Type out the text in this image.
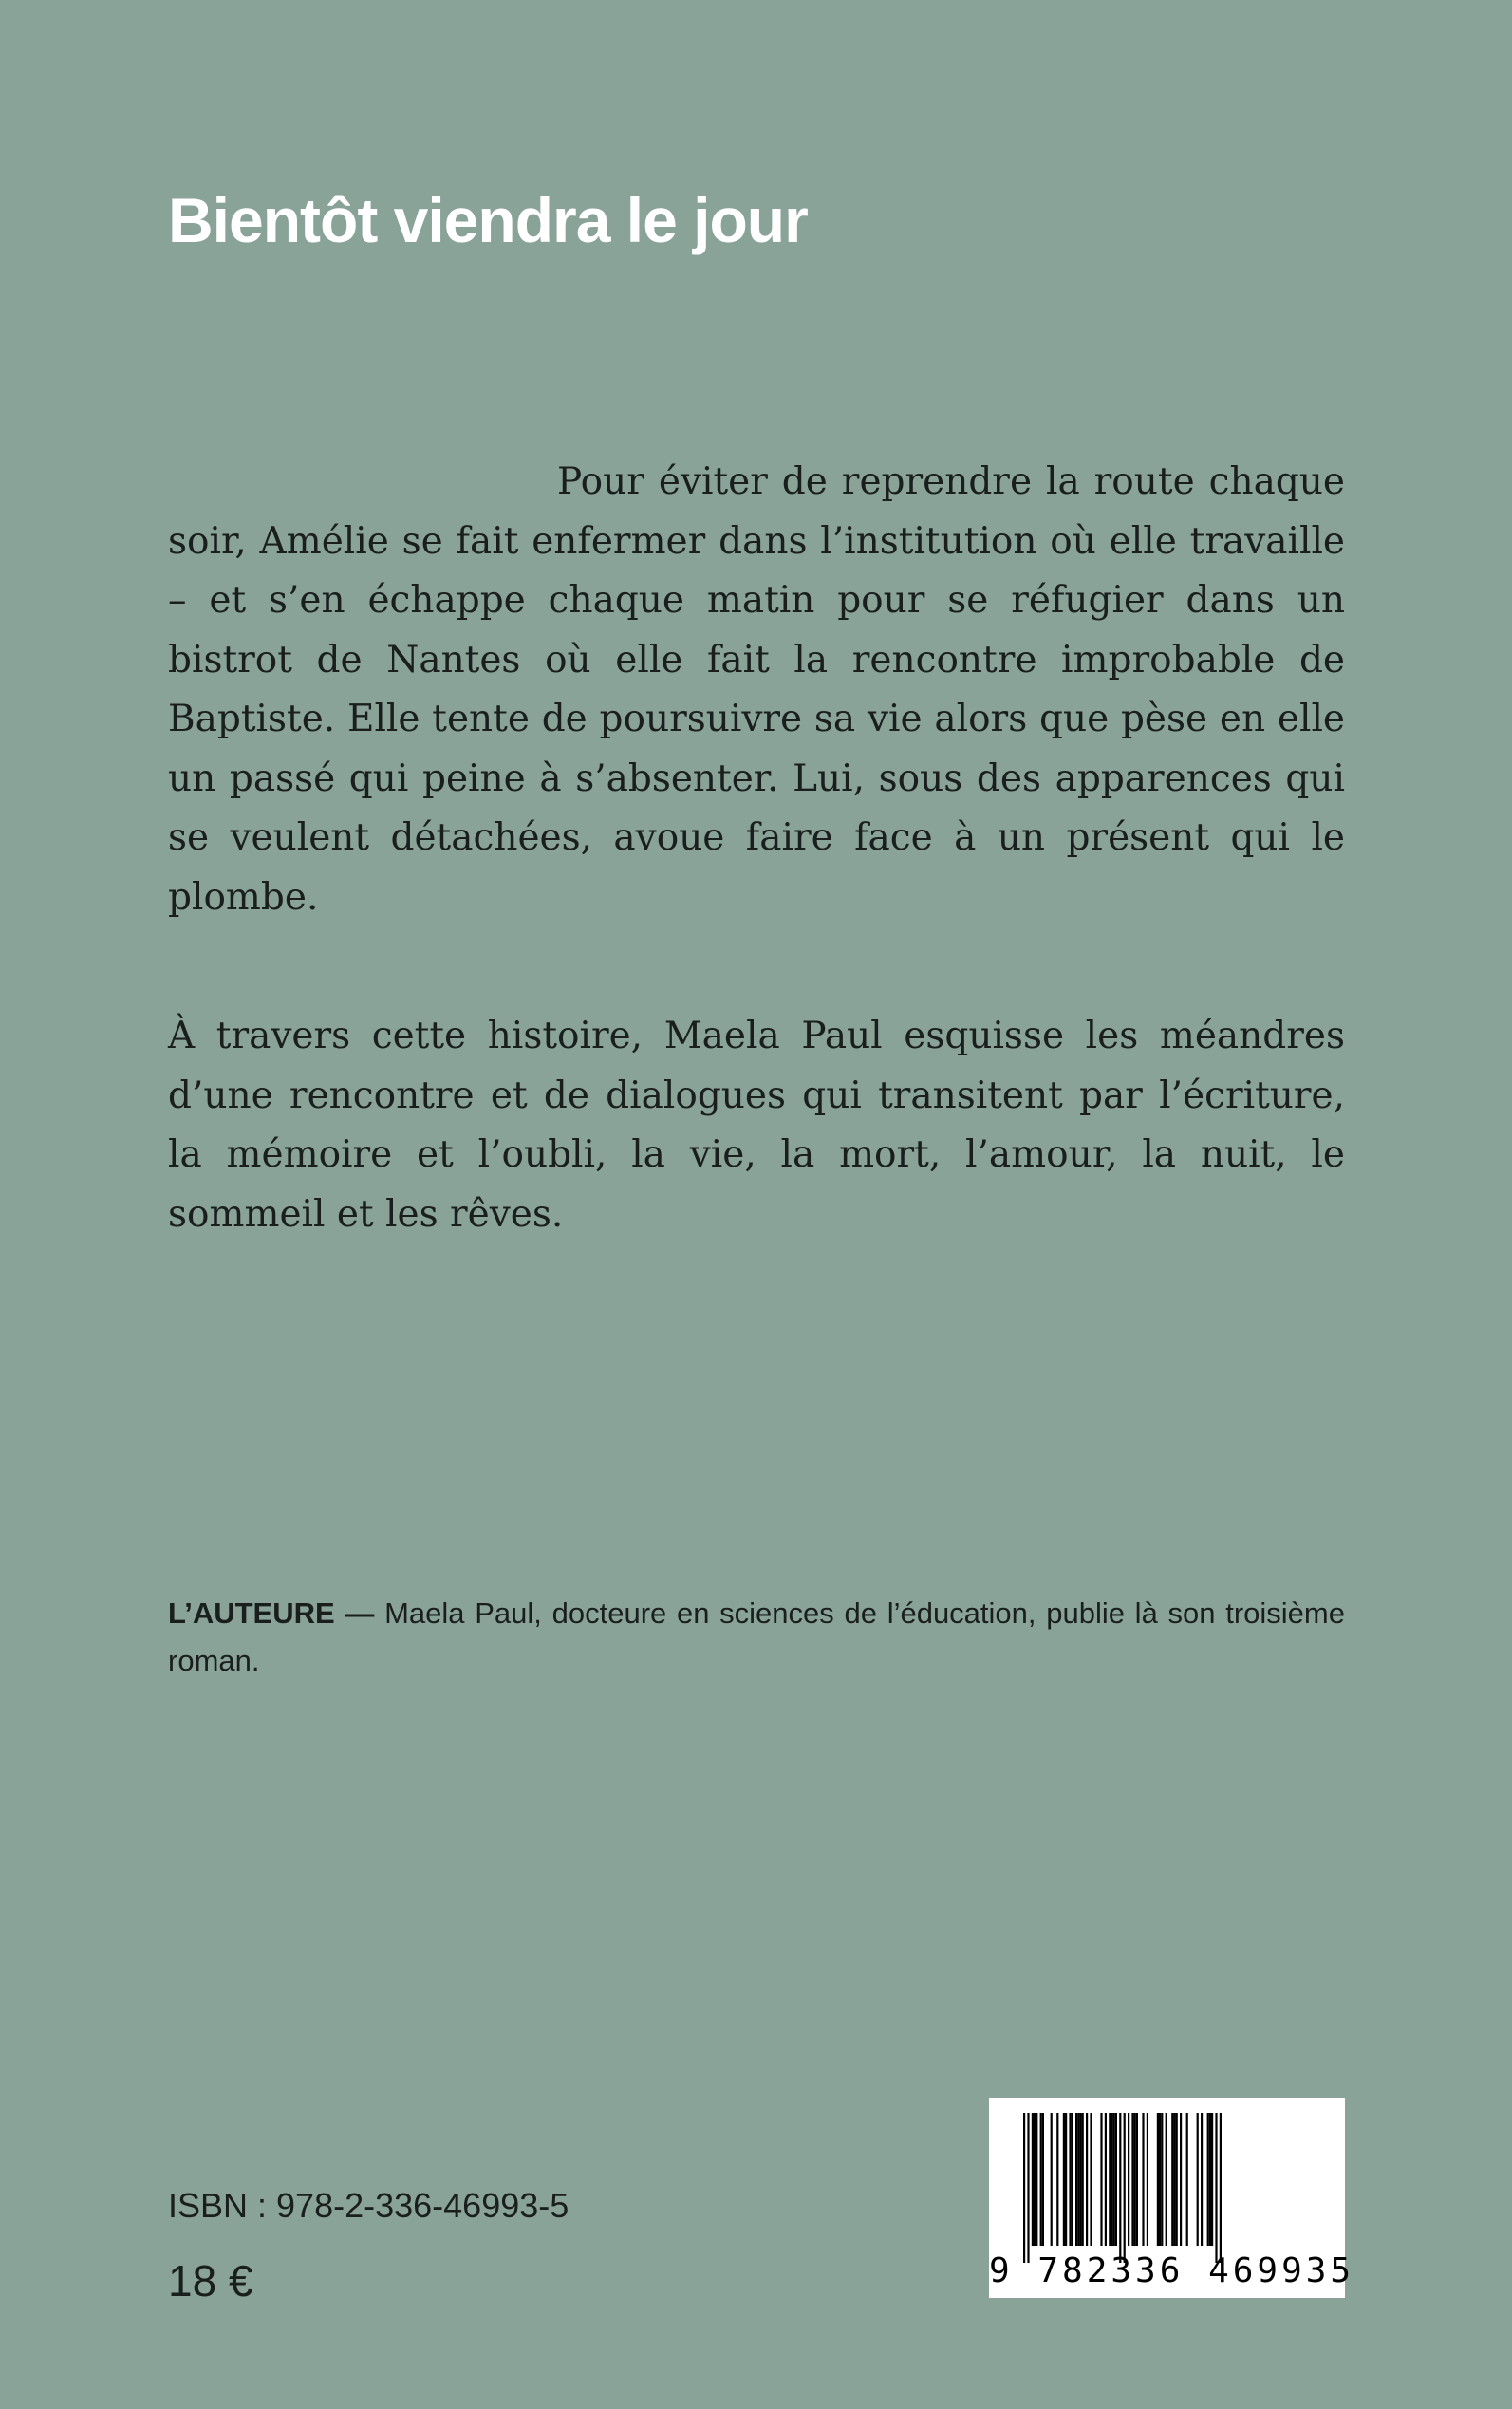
Bientôt viendra le jour

Pour éviter de reprendre la route chaque soir, Amélie se fait enfermer dans l’institution où elle travaille – et s’en échappe chaque matin pour se réfugier dans un bistrot de Nantes où elle fait la rencontre improbable de Baptiste. Elle tente de poursuivre sa vie alors que pèse en elle un passé qui peine à s’absenter. Lui, sous des apparences qui se veulent détachées, avoue faire face à un présent qui le plombe.

À travers cette histoire, Maela Paul esquisse les méandres d’une rencontre et de dialogues qui transitent par l’écriture, la mémoire et l’oubli, la vie, la mort, l’amour, la nuit, le sommeil et les rêves.

L’AUTEURE — Maela Paul, docteure en sciences de l’éducation, publie là son troisième roman.

ISBN : 978-2-336-46993-5

18 €	9 782336 469935
